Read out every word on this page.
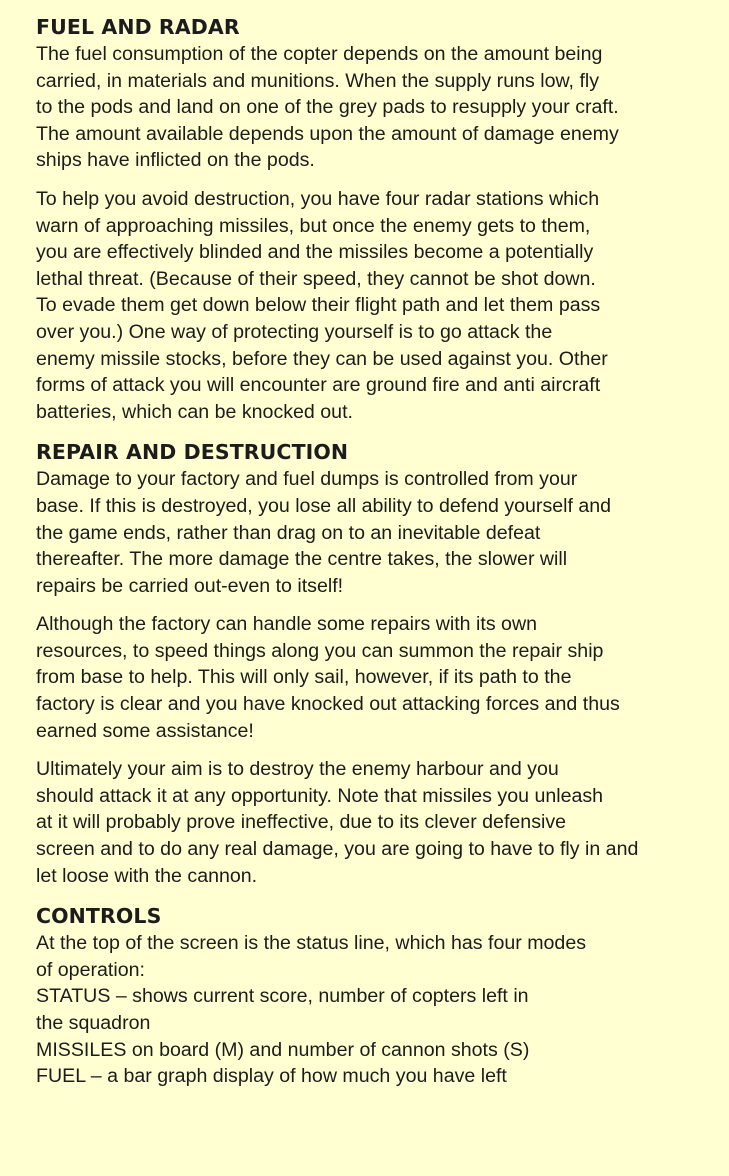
FUEL AND RADAR

The fuel consumption of the copter depends on the amount being
carried, in materials and munitions. When the supply runs low, fly
to the pods and land on one of the grey pads to resupply your craft.
The amount available depends upon the amount of damage enemy
ships have inflicted on the pods.

To help you avoid destruction, you have four radar stations which
warn of approaching missiles, but once the enemy gets to them,
you are effectively blinded and the missiles become a potentially
lethal threat. (Because of their speed, they cannot be shot down.
To evade them get down below their flight path and let them pass
over you.) One way of protecting yourself is to go attack the
enemy missile stocks, before they can be used against you. Other
forms of attack you will encounter are ground fire and anti aircraft
batteries, which can be knocked out.

REPAIR AND DESTRUCTION

Damage to your factory and fuel dumps is controlled from your
base. If this is destroyed, you lose all ability to defend yourself and
the game ends, rather than drag on to an inevitable defeat
thereafter. The more damage the centre takes, the slower will
repairs be carried out-even to itself!

Although the factory can handle some repairs with its own
resources, to speed things along you can summon the repair ship
from base to help. This will only sail, however, if its path to the
factory is clear and you have knocked out attacking forces and thus
earned some assistance!

Ultimately your aim is to destroy the enemy harbour and you
should attack it at any opportunity. Note that missiles you unleash
at it will probably prove ineffective, due to its clever defensive
screen and to do any real damage, you are going to have to fly in and
let loose with the cannon.

CONTROLS

At the top of the screen is the status line, which has four modes
of operation:
STATUS – shows current score, number of copters left in
the squadron
MISSILES on board (M) and number of cannon shots (S)
FUEL – a bar graph display of how much you have left
